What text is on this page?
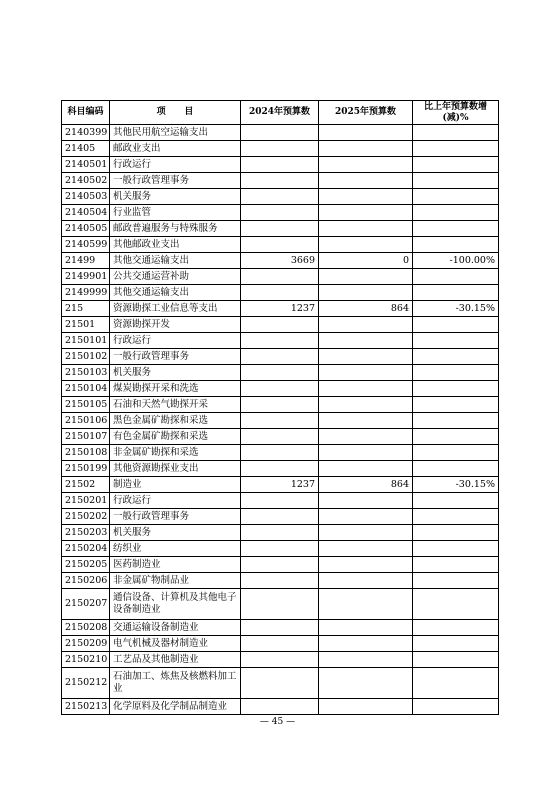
科目编码	项      目	2024年预算数	2025年预算数	比上年预算数增(减)%
2140399	其他民用航空运输支出			
21405	邮政业支出			
2140501	行政运行			
2140502	一般行政管理事务			
2140503	机关服务			
2140504	行业监管			
2140505	邮政普遍服务与特殊服务			
2140599	其他邮政业支出			
21499	其他交通运输支出	3669	0	-100.00%
2149901	公共交通运营补助			
2149999	其他交通运输支出			
215	资源勘探工业信息等支出	1237	864	-30.15%
21501	资源勘探开发			
2150101	行政运行			
2150102	一般行政管理事务			
2150103	机关服务			
2150104	煤炭勘探开采和洗选			
2150105	石油和天然气勘探开采			
2150106	黑色金属矿勘探和采选			
2150107	有色金属矿勘探和采选			
2150108	非金属矿勘探和采选			
2150199	其他资源勘探业支出			
21502	制造业	1237	864	-30.15%
2150201	行政运行			
2150202	一般行政管理事务			
2150203	机关服务			
2150204	纺织业			
2150205	医药制造业			
2150206	非金属矿物制品业			
2150207	通信设备、计算机及其他电子设备制造业			
2150208	交通运输设备制造业			
2150209	电气机械及器材制造业			
2150210	工艺品及其他制造业			
2150212	石油加工、炼焦及核燃料加工业			
2150213	化学原料及化学制品制造业			
— 45 —
